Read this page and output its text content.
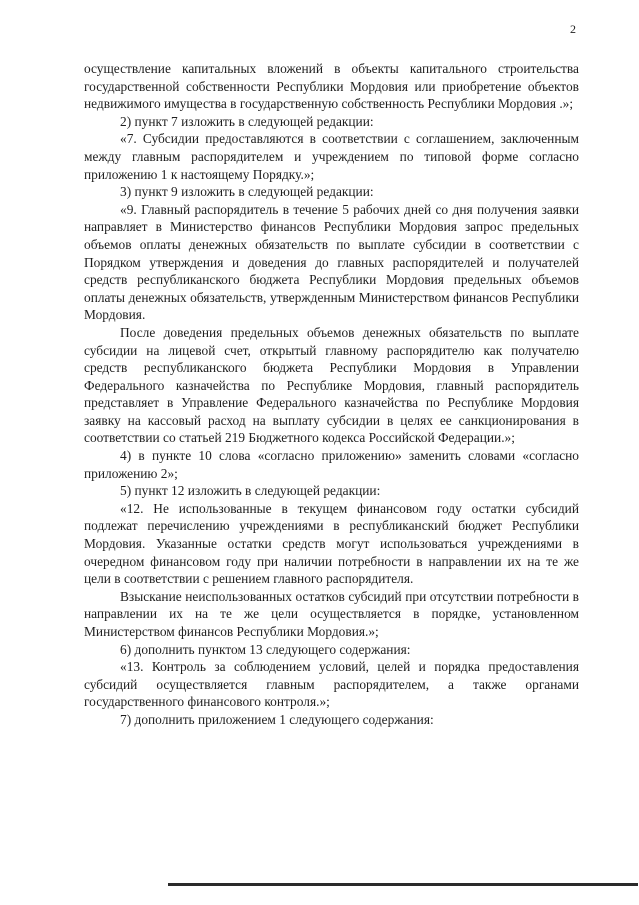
2

осуществление капитальных вложений в объекты капитального строительства государственной собственности Республики Мордовия или приобретение объектов недвижимого имущества в государственную собственность Республики Мордовия .»;

2) пункт 7 изложить в следующей редакции:

«7. Субсидии предоставляются в соответствии с соглашением, заключенным между главным распорядителем и учреждением по типовой форме согласно приложению 1 к настоящему Порядку.»;

3) пункт 9 изложить в следующей редакции:

«9. Главный распорядитель в течение 5 рабочих дней со дня получения заявки направляет в Министерство финансов Республики Мордовия запрос предельных объемов оплаты денежных обязательств по выплате субсидии в соответствии с Порядком утверждения и доведения до главных распорядителей и получателей средств республиканского бюджета Республики Мордовия предельных объемов оплаты денежных обязательств, утвержденным Министерством финансов Республики Мордовия.

После доведения предельных объемов денежных обязательств по выплате субсидии на лицевой счет, открытый главному распорядителю как получателю средств республиканского бюджета Республики Мордовия в Управлении Федерального казначейства по Республике Мордовия, главный распорядитель представляет в Управление Федерального казначейства по Республике Мордовия заявку на кассовый расход на выплату субсидии в целях ее санкционирования в соответствии со статьей 219 Бюджетного кодекса Российской Федерации.»;

4) в пункте 10 слова «согласно приложению» заменить словами «согласно приложению 2»;

5) пункт 12 изложить в следующей редакции:

«12. Не использованные в текущем финансовом году остатки субсидий подлежат перечислению учреждениями в республиканский бюджет Республики Мордовия. Указанные остатки средств могут использоваться учреждениями в очередном финансовом году при наличии потребности в направлении их на те же цели в соответствии с решением главного распорядителя.

Взыскание неиспользованных остатков субсидий при отсутствии потребности в направлении их на те же цели осуществляется в порядке, установленном Министерством финансов Республики Мордовия.»;

6) дополнить пунктом 13 следующего содержания:

«13. Контроль за соблюдением условий, целей и порядка предоставления субсидий осуществляется главным распорядителем, а также органами государственного финансового контроля.»;

7) дополнить приложением 1 следующего содержания:
